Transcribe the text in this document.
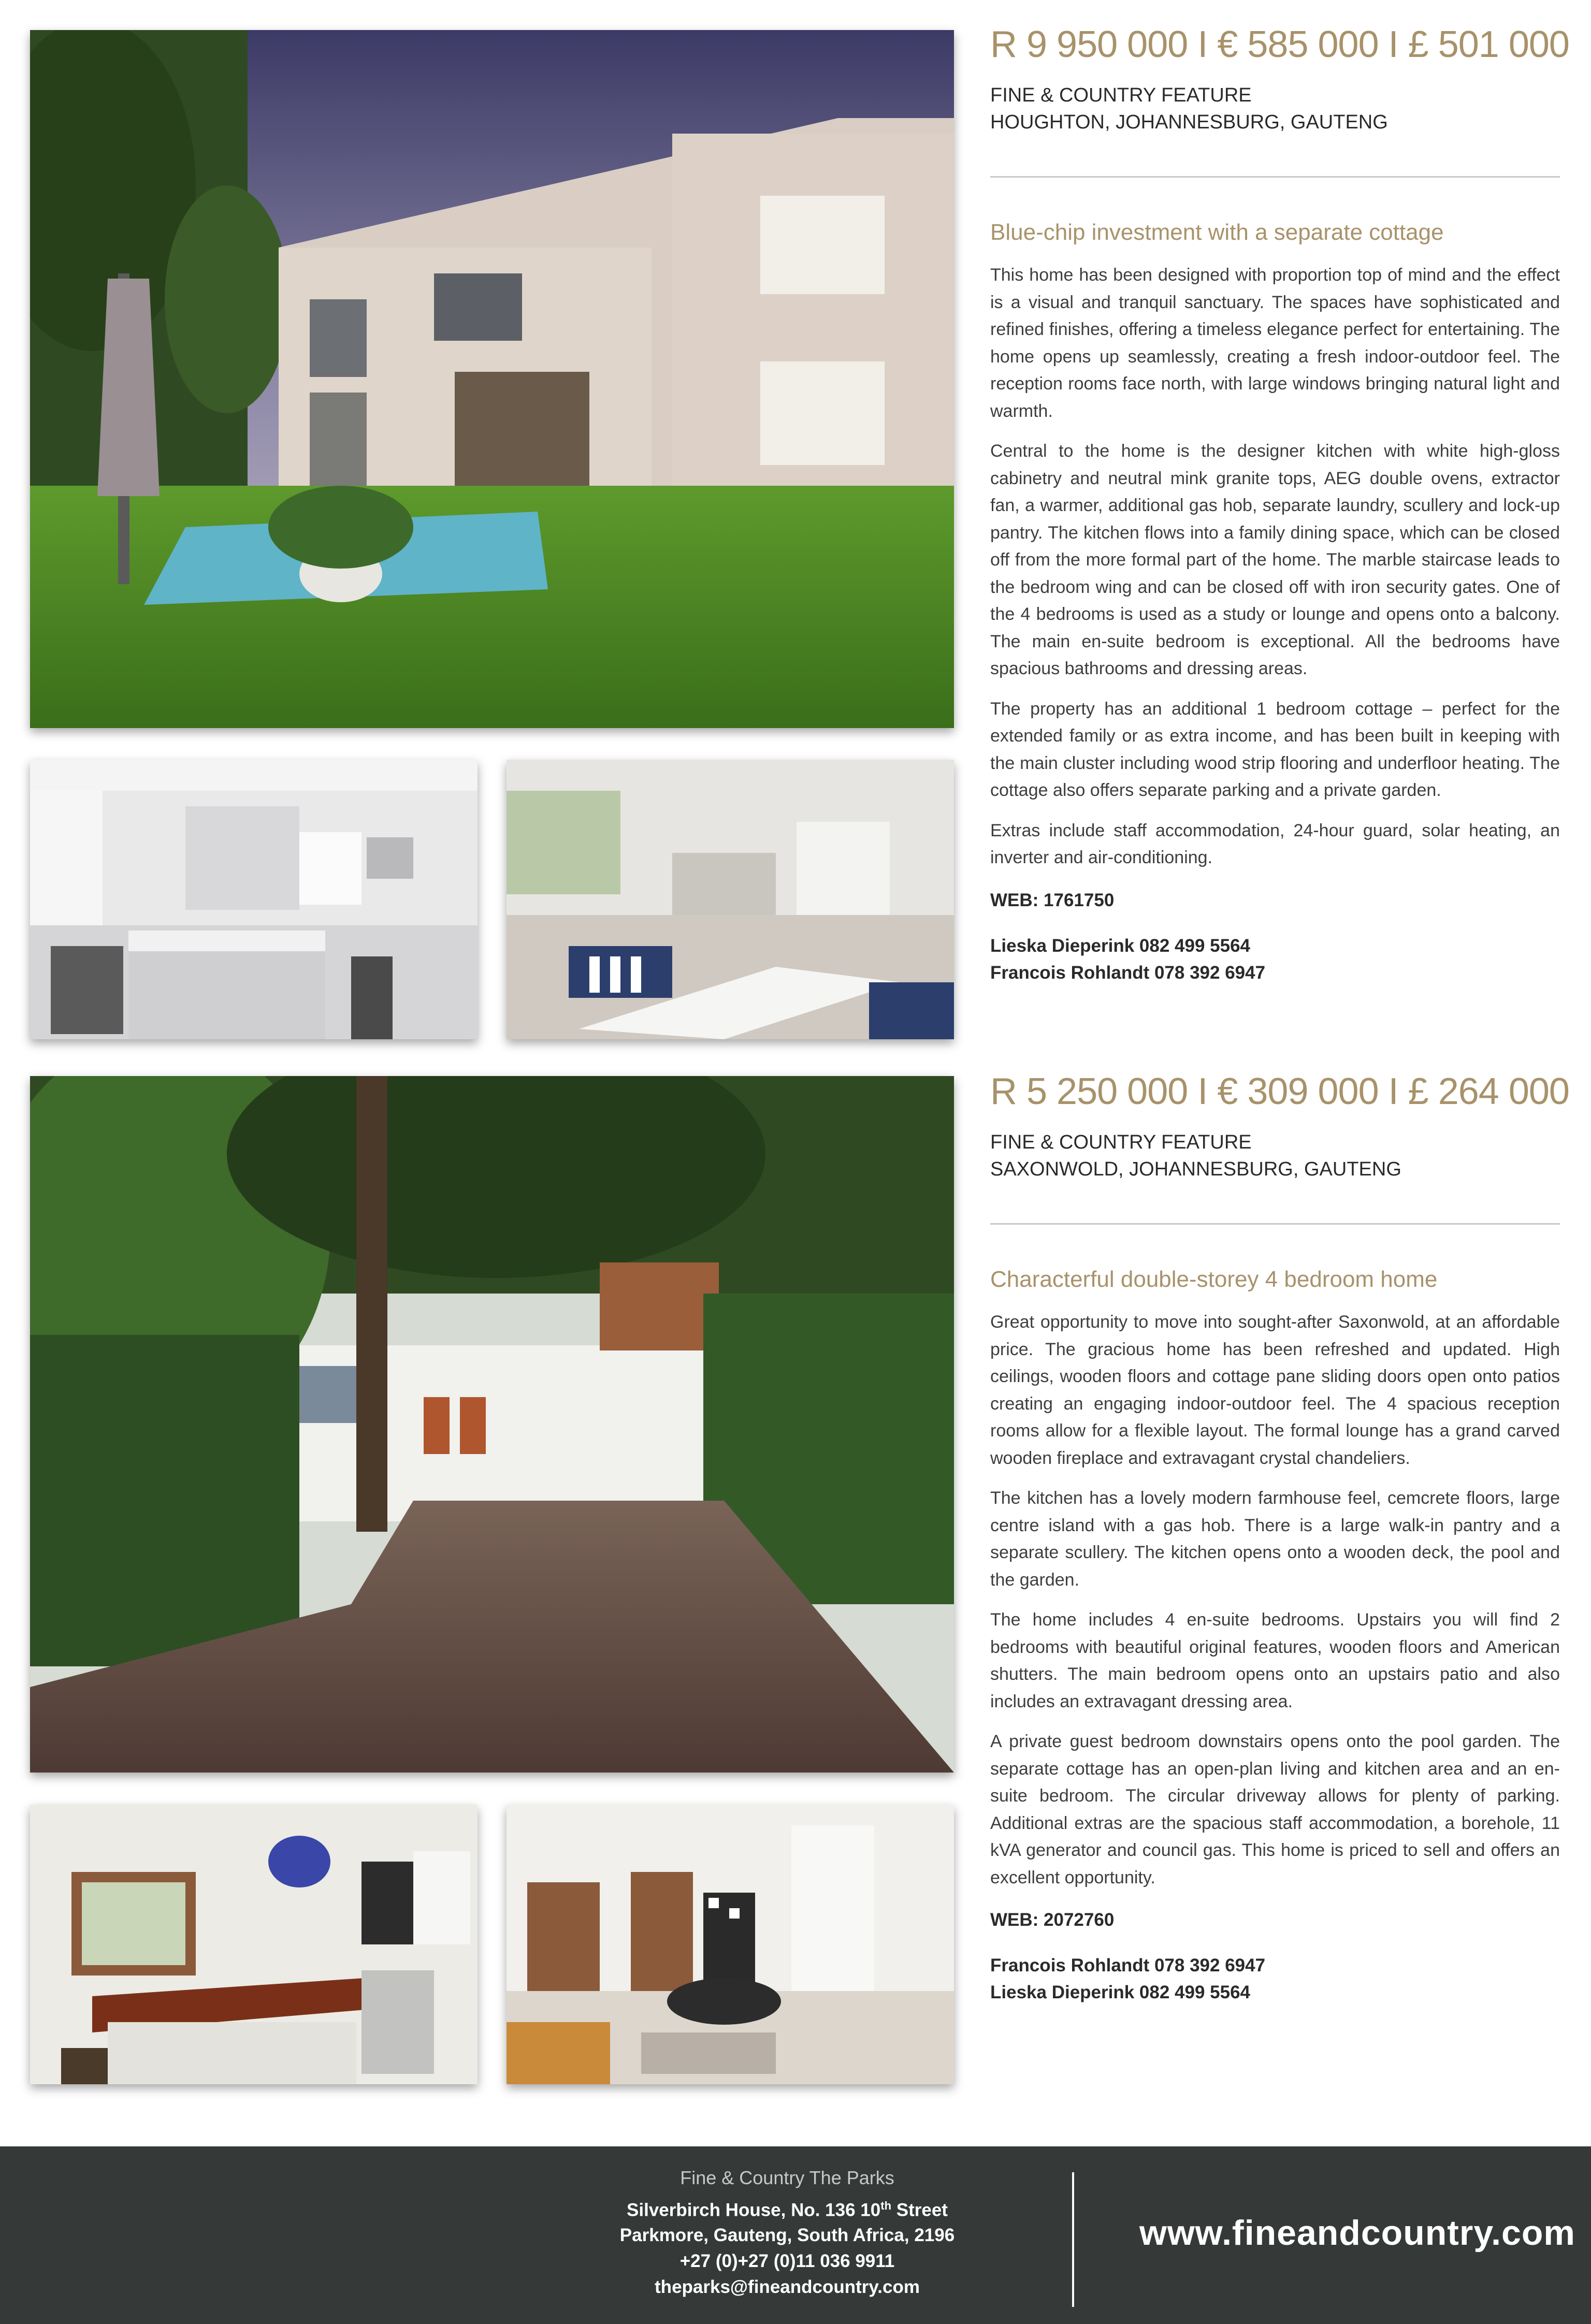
R 9 950 000 I € 585 000 I £ 501 000
FINE & COUNTRY FEATURE
HOUGHTON, JOHANNESBURG, GAUTENG
Blue-chip investment with a separate cottage

This home has been designed with proportion top of mind and the effect is a visual and tranquil sanctuary. The spaces have sophisticated and refined finishes, offering a timeless elegance perfect for entertaining. The home opens up seamlessly, creating a fresh indoor-outdoor feel. The reception rooms face north, with large windows bringing natural light and warmth.

Central to the home is the designer kitchen with white high-gloss cabinetry and neutral mink granite tops, AEG double ovens, extractor fan, a warmer, additional gas hob, separate laundry, scullery and lock-up pantry. The kitchen flows into a family dining space, which can be closed off from the more formal part of the home. The marble staircase leads to the bedroom wing and can be closed off with iron security gates. One of the 4 bedrooms is used as a study or lounge and opens onto a balcony. The main en-suite bedroom is exceptional. All the bedrooms have spacious bathrooms and dressing areas.

The property has an additional 1 bedroom cottage – perfect for the extended family or as extra income, and has been built in keeping with the main cluster including wood strip flooring and underfloor heating. The cottage also offers separate parking and a private garden.

Extras include staff accommodation, 24-hour guard, solar heating, an inverter and air-conditioning.

WEB: 1761750
Lieska Dieperink 082 499 5564
Francois Rohlandt 078 392 6947
R 5 250 000 I € 309 000 I £ 264 000
FINE & COUNTRY FEATURE
SAXONWOLD, JOHANNESBURG, GAUTENG
Characterful double-storey 4 bedroom home

Great opportunity to move into sought-after Saxonwold, at an affordable price. The gracious home has been refreshed and updated. High ceilings, wooden floors and cottage pane sliding doors open onto patios creating an engaging indoor-outdoor feel. The 4 spacious reception rooms allow for a flexible layout. The formal lounge has a grand carved wooden fireplace and extravagant crystal chandeliers.

The kitchen has a lovely modern farmhouse feel, cemcrete floors, large centre island with a gas hob. There is a large walk-in pantry and a separate scullery. The kitchen opens onto a wooden deck, the pool and the garden.

The home includes 4 en-suite bedrooms. Upstairs you will find 2 bedrooms with beautiful original features, wooden floors and American shutters. The main bedroom opens onto an upstairs patio and also includes an extravagant dressing area.

A private guest bedroom downstairs opens onto the pool garden. The separate cottage has an open-plan living and kitchen area and an en-suite bedroom. The circular driveway allows for plenty of parking. Additional extras are the spacious staff accommodation, a borehole, 11 kVA generator and council gas. This home is priced to sell and offers an excellent opportunity.

WEB: 2072760
Francois Rohlandt 078 392 6947
Lieska Dieperink 082 499 5564
Fine & Country The Parks
Silverbirch House, No. 136 10th Street
Parkmore, Gauteng, South Africa, 2196
+27 (0)+27 (0)11 036 9911
theparks@fineandcountry.com
www.fineandcountry.com
